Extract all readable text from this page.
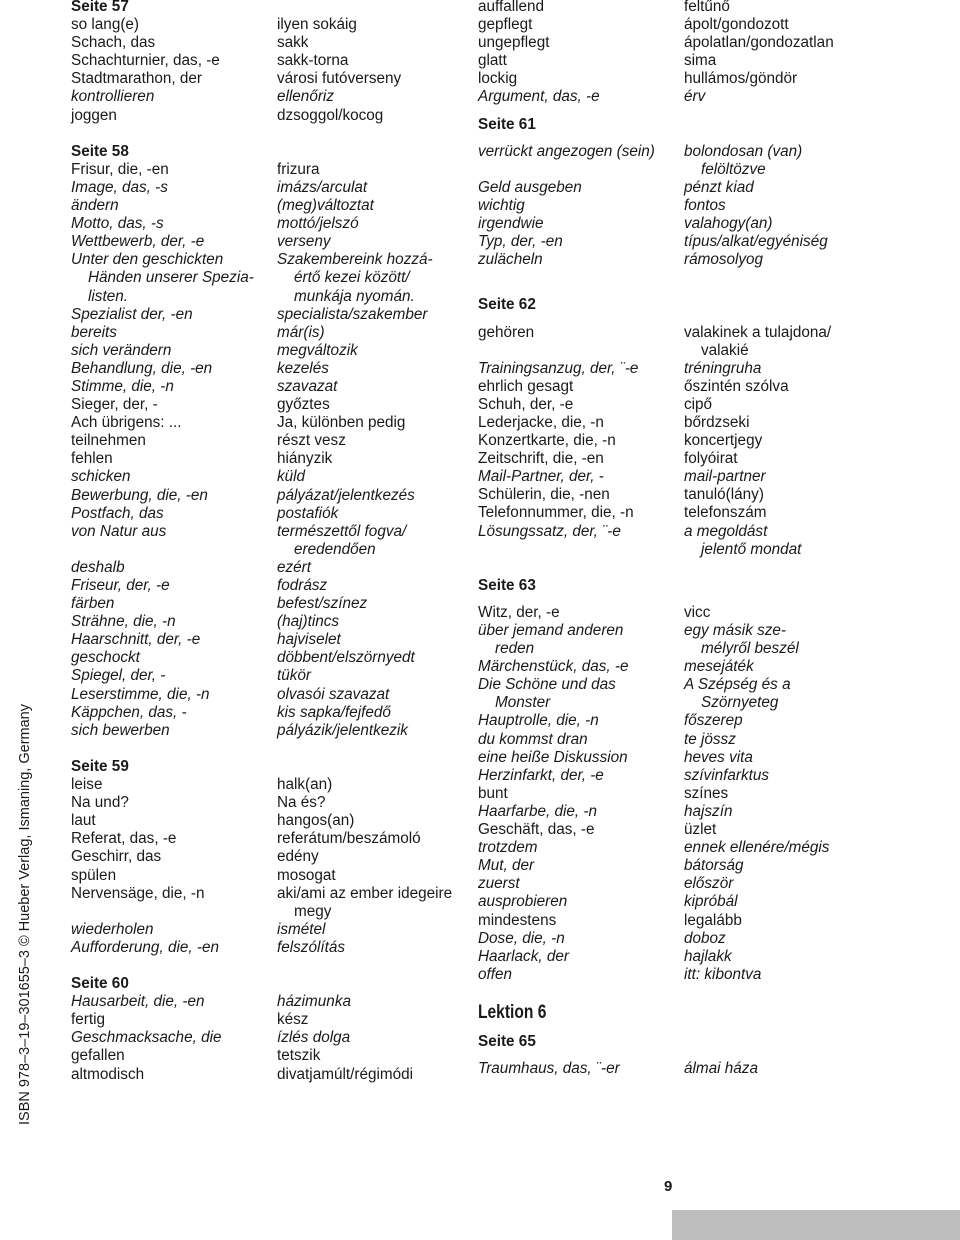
ISBN 978–3–19–301655–3 © Hueber Verlag, Ismaning, Germany
Seite 57
so lang(e)	ilyen sokáig
Schach, das	sakk
Schachturnier, das, -e	sakk-torna
Stadtmarathon, der	városi futóverseny
kontrollieren	ellenőriz
joggen	dzsoggol/kocog
Seite 58
Frisur, die, -en	frizura
Image, das, -s	imázs/arculat
ändern	(meg)változtat
Motto, das, -s	mottó/jelszó
Wettbewerb, der, -e	verseny
Unter den geschickten	Szakembereink hozzá-
Händen unserer Spezia-	értő kezei között/
listen.	munkája nyomán.
Spezialist der, -en	specialista/szakember
bereits	már(is)
sich verändern	megváltozik
Behandlung, die, -en	kezelés
Stimme, die, -n	szavazat
Sieger, der, -	győztes
Ach übrigens: ...	Ja, különben pedig
teilnehmen	részt vesz
fehlen	hiányzik
schicken	küld
Bewerbung, die, -en	pályázat/jelentkezés
Postfach, das	postafiók
von Natur aus	természettől fogva/
eredendően
deshalb	ezért
Friseur, der, -e	fodrász
färben	befest/színez
Strähne, die, -n	(haj)tincs
Haarschnitt, der, -e	hajviselet
geschockt	döbbent/elszörnyedt
Spiegel, der, -	tükör
Leserstimme, die, -n	olvasói szavazat
Käppchen, das, -	kis sapka/fejfedő
sich bewerben	pályázik/jelentkezik
Seite 59
leise	halk(an)
Na und?	Na és?
laut	hangos(an)
Referat, das, -e	referátum/beszámoló
Geschirr, das	edény
spülen	mosogat
Nervensäge, die, -n	aki/ami az ember idegeire
megy
wiederholen	ismétel
Aufforderung, die, -en	felszólítás
Seite 60
Hausarbeit, die, -en	házimunka
fertig	kész
Geschmacksache, die	ízlés dolga
gefallen	tetszik
altmodisch	divatjamúlt/régimódi
auffallend	feltűnő
gepflegt	ápolt/gondozott
ungepflegt	ápolatlan/gondozatlan
glatt	sima
lockig	hullámos/göndör
Argument, das, -e	érv
Seite 61
verrückt angezogen (sein)	bolondosan (van)
felöltözve
Geld ausgeben	pénzt kiad
wichtig	fontos
irgendwie	valahogy(an)
Typ, der, -en	típus/alkat/egyéniség
zulächeln	rámosolyog
Seite 62
gehören	valakinek a tulajdona/
valakié
Trainingsanzug, der, ¨-e	tréningruha
ehrlich gesagt	őszintén szólva
Schuh, der, -e	cipő
Lederjacke, die, -n	bőrdzseki
Konzertkarte, die, -n	koncertjegy
Zeitschrift, die, -en	folyóirat
Mail-Partner, der, -	mail-partner
Schülerin, die, -nen	tanuló(lány)
Telefonnummer, die, -n	telefonszám
Lösungssatz, der, ¨-e	a megoldást
jelentő mondat
Seite 63
Witz, der, -e	vicc
über jemand anderen	egy másik sze-
reden	mélyről beszél
Märchenstück, das, -e	mesejáték
Die Schöne und das	A Szépség és a
Monster	Szörnyeteg
Hauptrolle, die, -n	főszerep
du kommst dran	te jössz
eine heiße Diskussion	heves vita
Herzinfarkt, der, -e	szívinfarktus
bunt	színes
Haarfarbe, die, -n	hajszín
Geschäft, das, -e	üzlet
trotzdem	ennek ellenére/mégis
Mut, der	bátorság
zuerst	először
ausprobieren	kipróbál
mindestens	legalább
Dose, die, -n	doboz
Haarlack, der	hajlakk
offen	itt: kibontva
Lektion 6
Seite 65
Traumhaus, das, ¨-er	álmai háza
9
